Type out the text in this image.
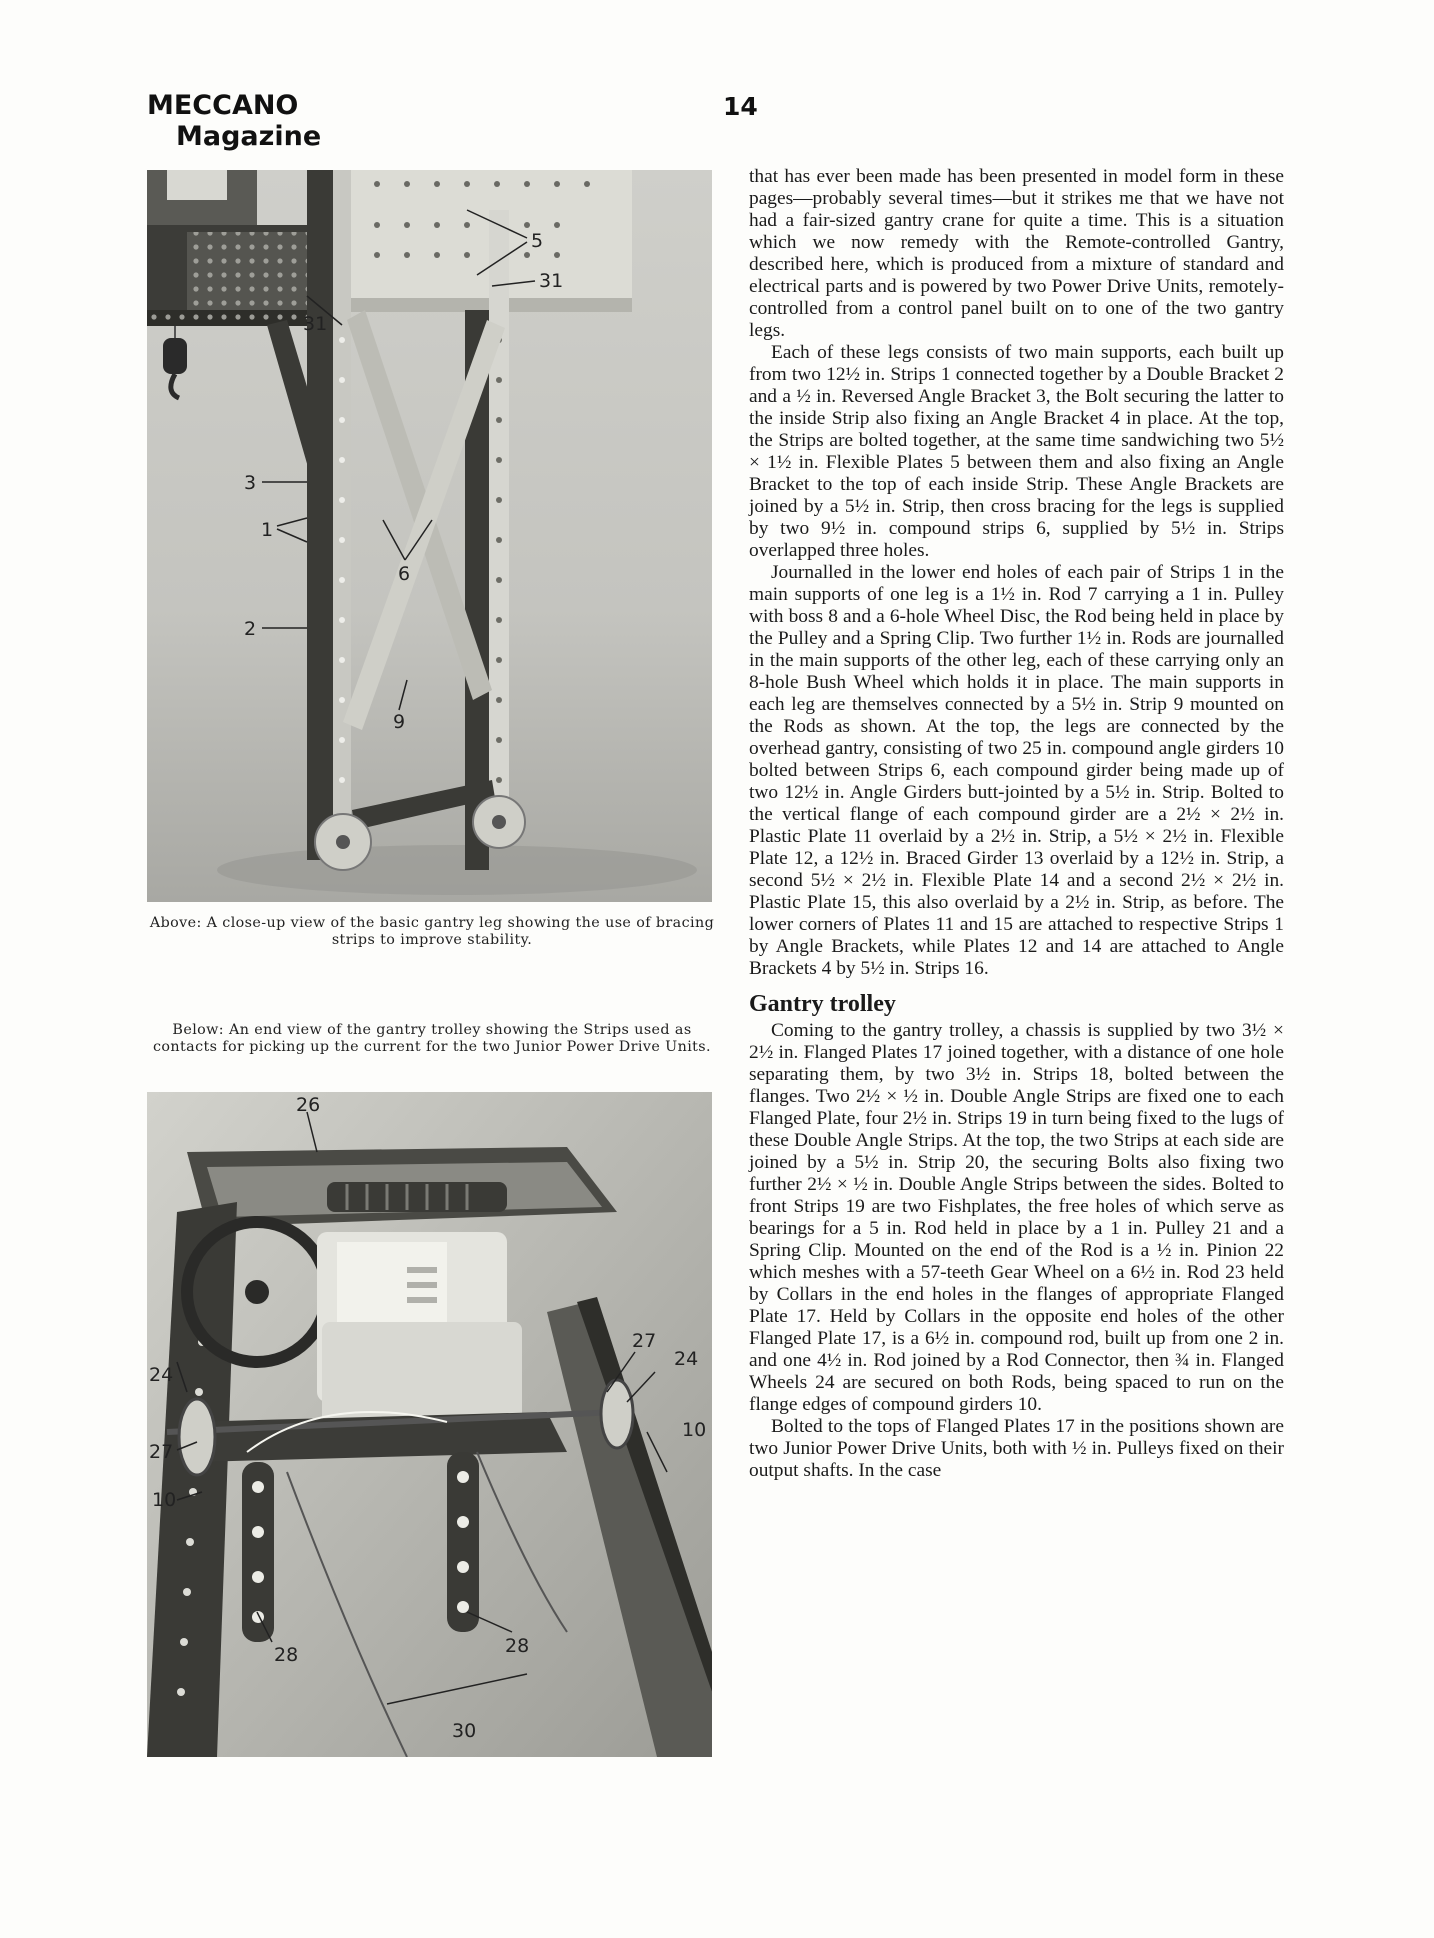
MECCANO
Magazine
14
5
31
31
3
1
6
2
9
Above: A close-up view of the basic gantry leg showing the use of bracing strips to improve stability.
Below: An end view of the gantry trolley showing the Strips used as contacts for picking up the current for the two Junior Power Drive Units.
26
27
24
24
27
10
10
28	28
30

that has ever been made has been presented in model form in these pages—probably several times—but it strikes me that we have not had a fair-sized gantry crane for quite a time. This is a situation which we now remedy with the Remote-controlled Gantry, described here, which is produced from a mixture of standard and electrical parts and is powered by two Power Drive Units, remotely-controlled from a control panel built on to one of the two gantry legs.

Each of these legs consists of two main supports, each built up from two 12½ in. Strips 1 connected together by a Double Bracket 2 and a ½ in. Reversed Angle Bracket 3, the Bolt securing the latter to the inside Strip also fixing an Angle Bracket 4 in place. At the top, the Strips are bolted together, at the same time sandwiching two 5½ × 1½ in. Flexible Plates 5 between them and also fixing an Angle Bracket to the top of each inside Strip. These Angle Brackets are joined by a 5½ in. Strip, then cross bracing for the legs is supplied by two 9½ in. compound strips 6, supplied by 5½ in. Strips overlapped three holes.

Journalled in the lower end holes of each pair of Strips 1 in the main supports of one leg is a 1½ in. Rod 7 carrying a 1 in. Pulley with boss 8 and a 6-hole Wheel Disc, the Rod being held in place by the Pulley and a Spring Clip. Two further 1½ in. Rods are journalled in the main supports of the other leg, each of these carrying only an 8-hole Bush Wheel which holds it in place. The main supports in each leg are themselves connected by a 5½ in. Strip 9 mounted on the Rods as shown. At the top, the legs are connected by the overhead gantry, consisting of two 25 in. compound angle girders 10 bolted between Strips 6, each compound girder being made up of two 12½ in. Angle Girders butt-jointed by a 5½ in. Strip. Bolted to the vertical flange of each compound girder are a 2½ × 2½ in. Plastic Plate 11 overlaid by a 2½ in. Strip, a 5½ × 2½ in. Flexible Plate 12, a 12½ in. Braced Girder 13 overlaid by a 12½ in. Strip, a second 5½ × 2½ in. Flexible Plate 14 and a second 2½ × 2½ in. Plastic Plate 15, this also overlaid by a 2½ in. Strip, as before. The lower corners of Plates 11 and 15 are attached to respective Strips 1 by Angle Brackets, while Plates 12 and 14 are attached to Angle Brackets 4 by 5½ in. Strips 16.

Gantry trolley

Coming to the gantry trolley, a chassis is supplied by two 3½ × 2½ in. Flanged Plates 17 joined together, with a distance of one hole separating them, by two 3½ in. Strips 18, bolted between the flanges. Two 2½ × ½ in. Double Angle Strips are fixed one to each Flanged Plate, four 2½ in. Strips 19 in turn being fixed to the lugs of these Double Angle Strips. At the top, the two Strips at each side are joined by a 5½ in. Strip 20, the securing Bolts also fixing two further 2½ × ½ in. Double Angle Strips between the sides. Bolted to front Strips 19 are two Fishplates, the free holes of which serve as bearings for a 5 in. Rod held in place by a 1 in. Pulley 21 and a Spring Clip. Mounted on the end of the Rod is a ½ in. Pinion 22 which meshes with a 57-teeth Gear Wheel on a 6½ in. Rod 23 held by Collars in the end holes in the flanges of appropriate Flanged Plate 17. Held by Collars in the opposite end holes of the other Flanged Plate 17, is a 6½ in. compound rod, built up from one 2 in. and one 4½ in. Rod joined by a Rod Connector, then ¾ in. Flanged Wheels 24 are secured on both Rods, being spaced to run on the flange edges of compound girders 10.

Bolted to the tops of Flanged Plates 17 in the positions shown are two Junior Power Drive Units, both with ½ in. Pulleys fixed on their output shafts. In the case
